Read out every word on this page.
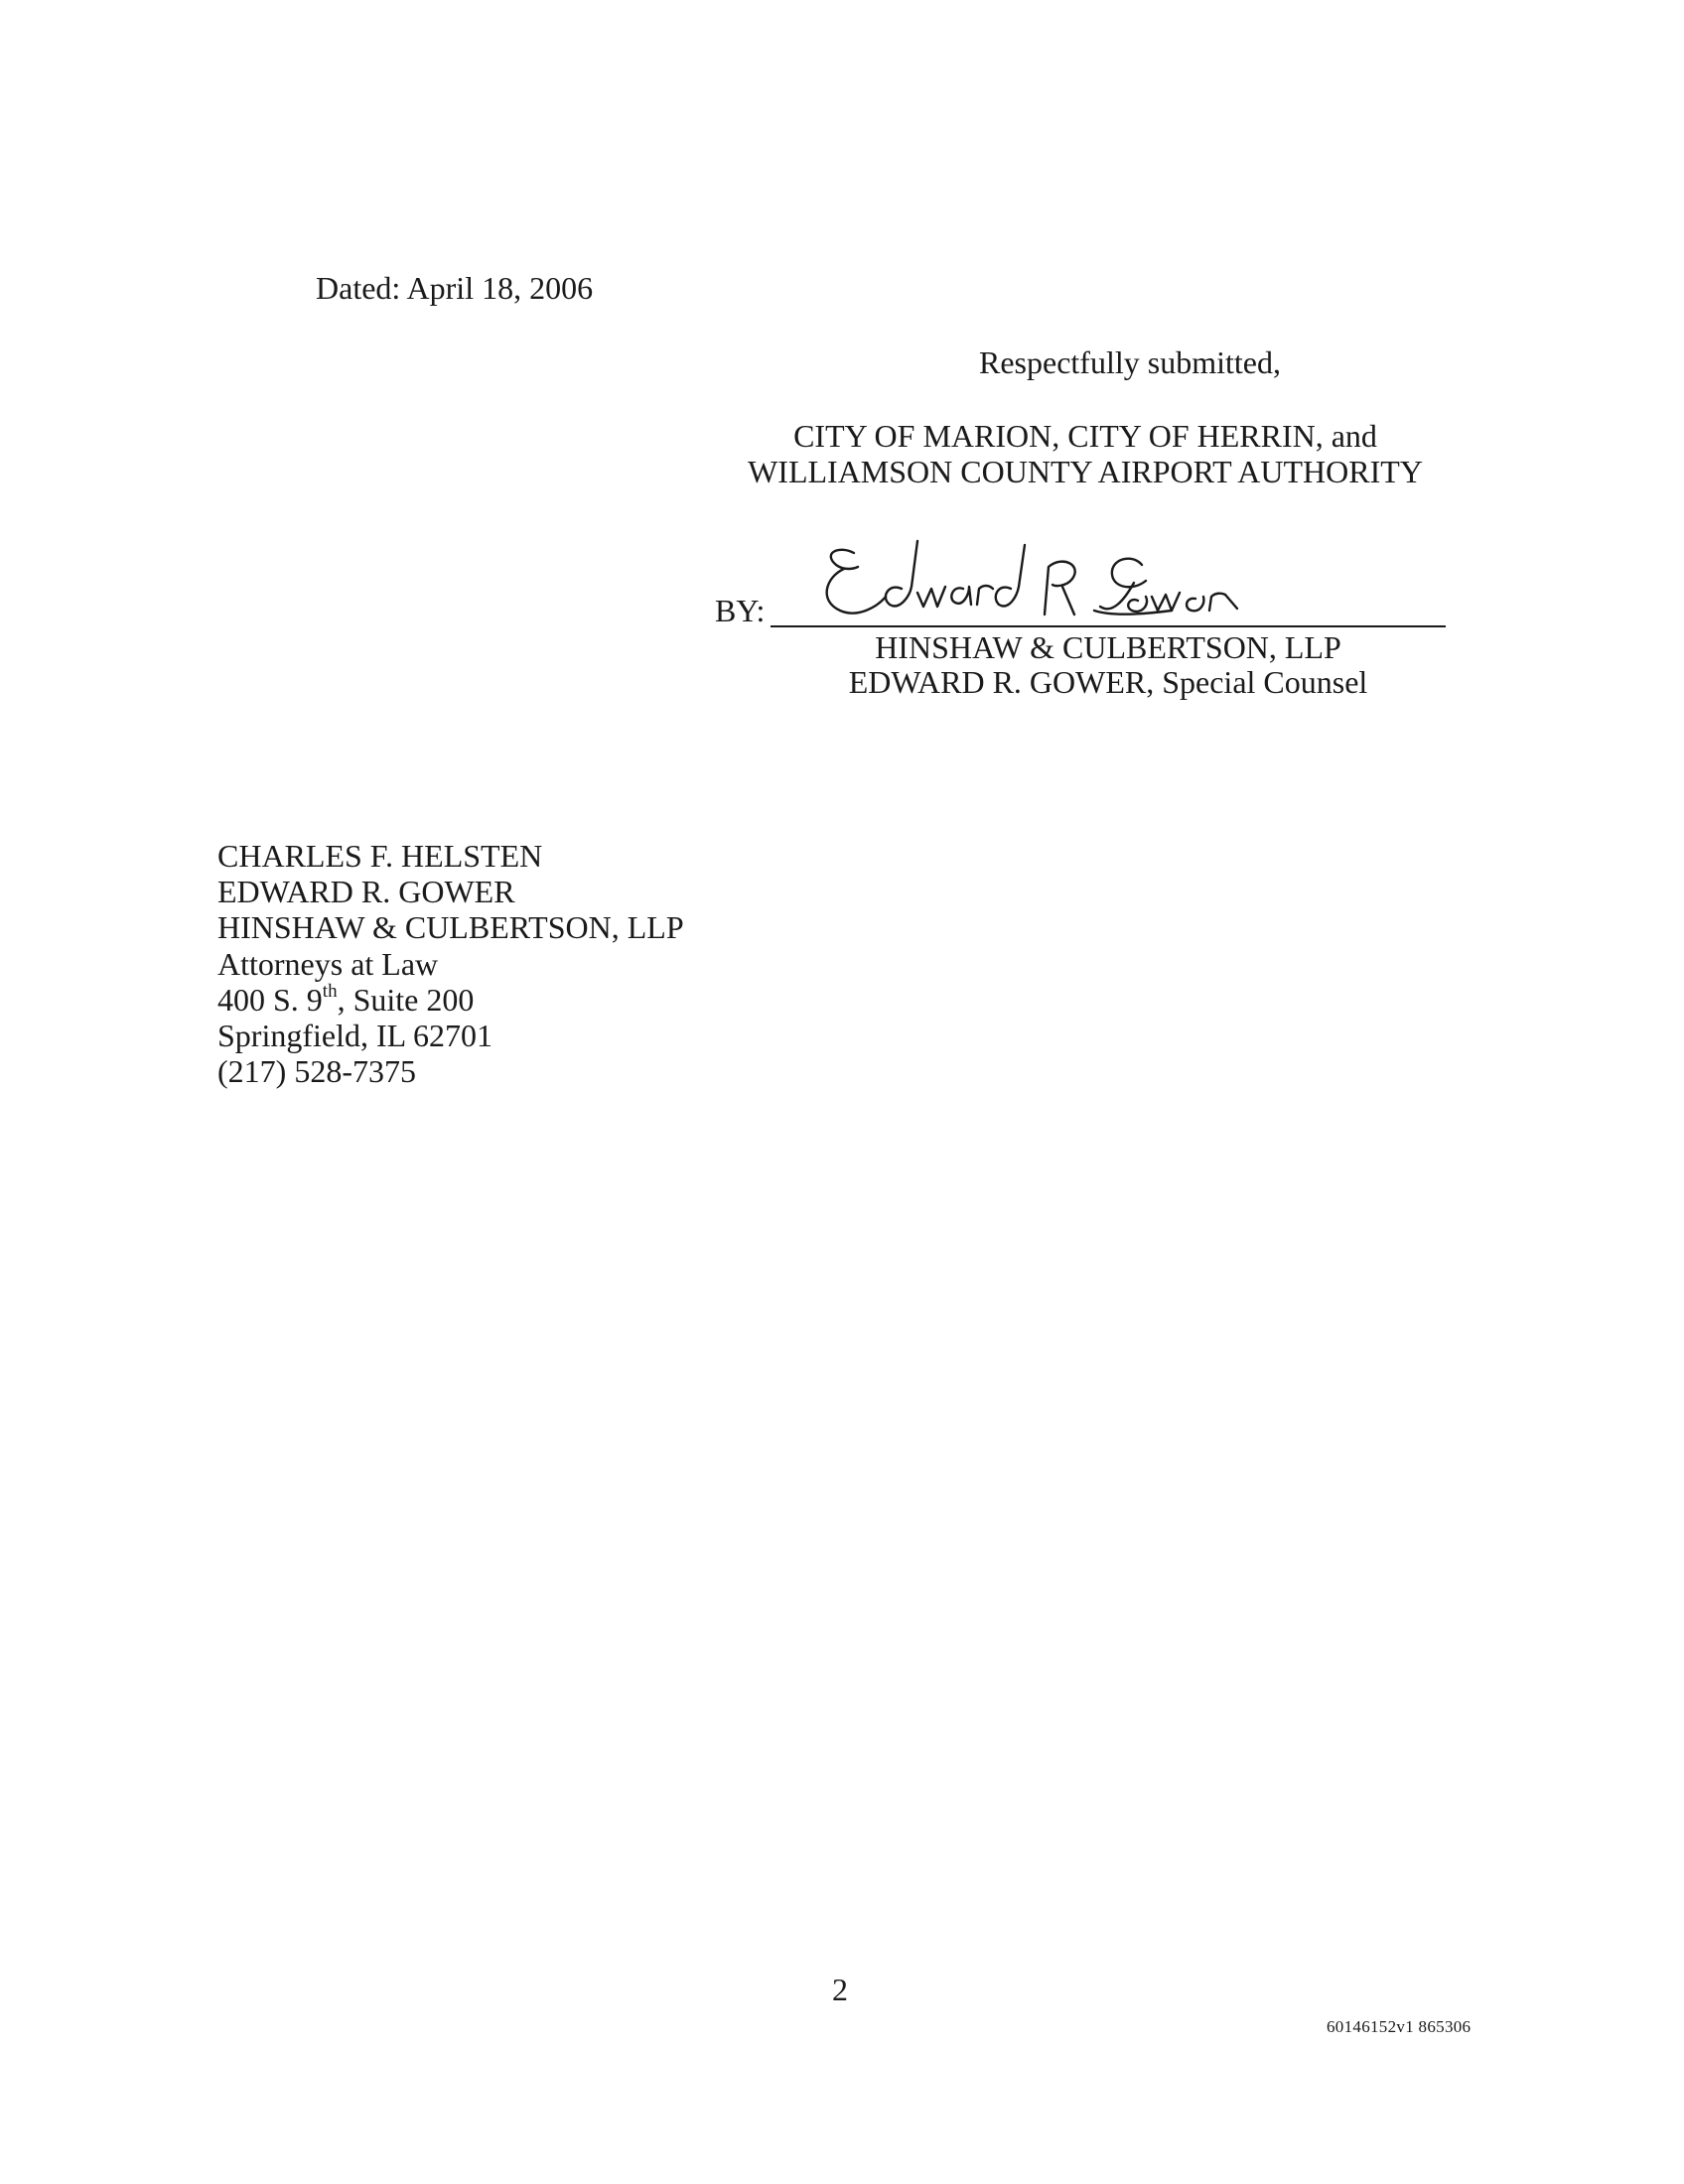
Dated: April 18, 2006
Respectfully submitted,
CITY OF MARION, CITY OF HERRIN, and
WILLIAMSON COUNTY AIRPORT AUTHORITY
BY:
HINSHAW & CULBERTSON, LLP
EDWARD R. GOWER, Special Counsel
CHARLES F. HELSTEN
EDWARD R. GOWER
HINSHAW & CULBERTSON, LLP
Attorneys at Law
400 S. 9th, Suite 200
Springfield, IL 62701
(217) 528-7375
2
60146152v1 865306
